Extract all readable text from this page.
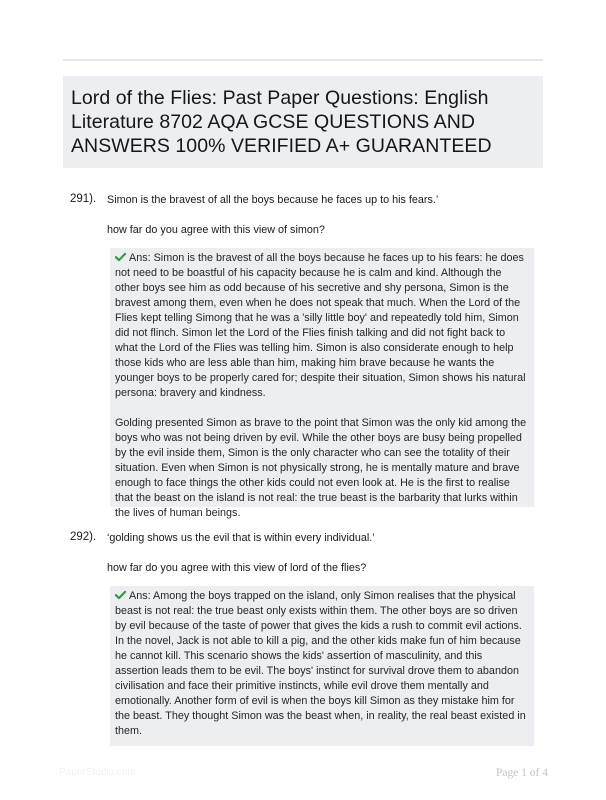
Lord of the Flies: Past Paper Questions: English Literature 8702 AQA GCSE QUESTIONS AND ANSWERS 100% VERIFIED A+ GUARANTEED
291). Simon is the bravest of all the boys because he faces up to his fears.’
how far do you agree with this view of simon?

Ans: Simon is the bravest of all the boys because he faces up to his fears: he does not need to be boastful of his capacity because he is calm and kind. Although the other boys see him as odd because of his secretive and shy persona, Simon is the bravest among them, even when he does not speak that much. When the Lord of the Flies kept telling Simong that he was a 'silly little boy' and repeatedly told him, Simon did not flinch. Simon let the Lord of the Flies finish talking and did not fight back to what the Lord of the Flies was telling him. Simon is also considerate enough to help those kids who are less able than him, making him brave because he wants the younger boys to be properly cared for; despite their situation, Simon shows his natural persona: bravery and kindness.

Golding presented Simon as brave to the point that Simon was the only kid among the boys who was not being driven by evil. While the other boys are busy being propelled by the evil inside them, Simon is the only character who can see the totality of their situation. Even when Simon is not physically strong, he is mentally mature and brave enough to face things the other kids could not even look at. He is the first to realise that the beast on the island is not real: the true beast is the barbarity that lurks within the lives of human beings.

292). ‘golding shows us the evil that is within every individual.’
how far do you agree with this view of lord of the flies?

Ans: Among the boys trapped on the island, only Simon realises that the physical beast is not real: the true beast only exists within them. The other boys are so driven by evil because of the taste of power that gives the kids a rush to commit evil actions. In the novel, Jack is not able to kill a pig, and the other kids make fun of him because he cannot kill. This scenario shows the kids' assertion of masculinity, and this assertion leads them to be evil. The boys' instinct for survival drove them to abandon civilisation and face their primitive instincts, while evil drove them mentally and emotionally. Another form of evil is when the boys kill Simon as they mistake him for the beast. They thought Simon was the beast when, in reality, the real beast existed in them.

PaperStudio.com	Page 1 of 4
